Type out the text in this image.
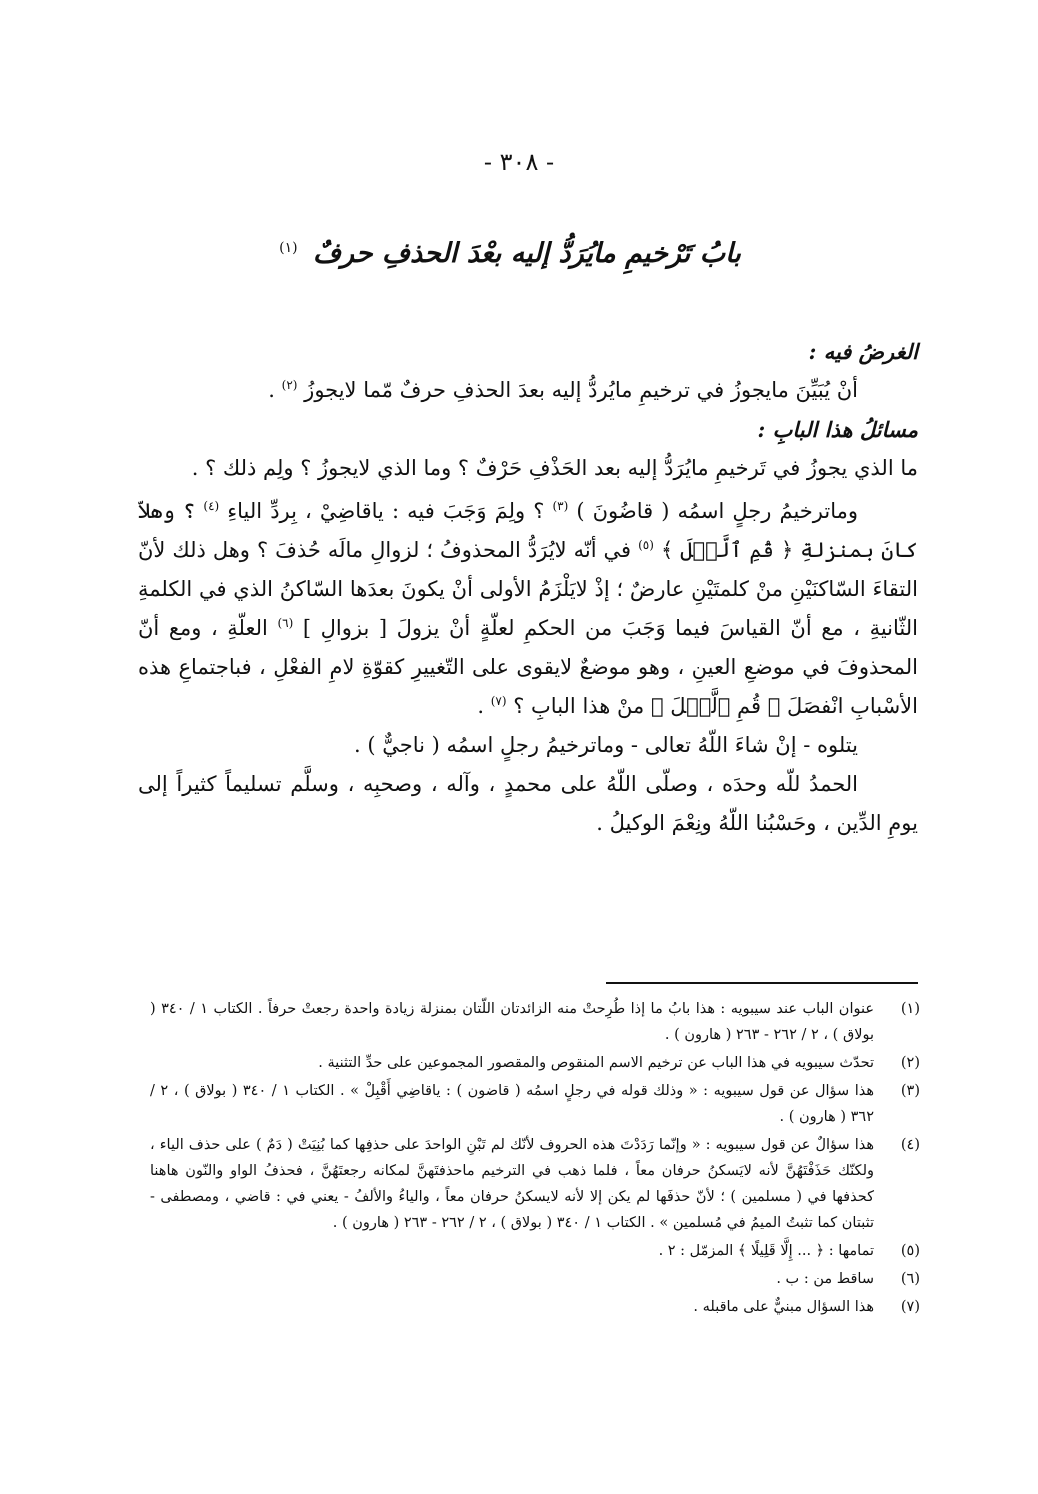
- ٣٠٨ -
بابُ تَرْخيمِ مايُرَدُّ إليه بعْدَ الحذفِ حرفٌ $^{(١)}$

الغرضُ فيه :

أنْ يُبَيِّنَ مايجوزُ في ترخيمِ مايُردُّ إليه بعدَ الحذفِ حرفٌ مّما لايجوزُ $^{(٢)}$ .

مسائلُ هذا البابِ :

ما الذي يجوزُ في تَرخيمِ مايُرَدُّ إليه بعد الحَذْفِ حَرْفٌ ؟ وما الذي لايجوزُ ؟ ولِم ذلك ؟ .

وماترخيمُ رجلٍ اسمُه ( قاضُونَ ) $^{(٣)}$ ؟ ولِمَ وَجَبَ فيه : ياقاضِيْ ، بِردِّ الياءِ $^{(٤)}$ ؟ وهلاّ كانَ بمنزلةِ ﴿ قُمِ ٱلَّيۡلَ ﴾ $^{(٥)}$ في أنّه لايُرَدُّ المحذوفُ ؛ لزوالِ مالَه حُذفَ ؟ وهل ذلك لأنّ التقاءَ السّاكنَيْنِ منْ كلمتَيْنِ عارضٌ ؛ إذْ لايَلْزَمُ الأولى أنْ يكونَ بعدَها السّاكنُ الذي في الكلمةِ الثّانيةِ ، مع أنّ القياسَ فيما وَجَبَ من الحكمِ لعلّةٍ أنْ يزولَ [ بزوالِ ] $^{(٦)}$ العلّةِ ، ومع أنّ المحذوفَ في موضعِ العينِ ، وهو موضعٌ لايقوى على التّغييرِ كقوّةِ لامِ الفعْلِ ، فباجتماعِ هذه الأسْبابِ انْفصَلَ ﴿ قُمِ ٱلَّيۡلَ ﴾ منْ هذا البابِ ؟ $^{(٧)}$ .

يتلوه - إنْ شاءَ اللّهُ تعالى - وماترخيمُ رجلٍ اسمُه ( ناجيٌّ ) .

الحمدُ للّه وحدَه ، وصلّى اللّهُ على محمدٍ ، وآله ، وصحبِه ، وسلَّم تسليماً كثيراً إلى يومِ الدِّين ، وحَسْبُنا اللّهُ ونِعْمَ الوكيلُ .

(١)
عنوان الباب عند سيبويه : هذا بابُ ما إذا طُرِحتْ منه الزائدتان اللّتان بمنزلة زيادة واحدة رجعتْ حرفاً . الكتاب ١ / ٣٤٠ ( بولاق ) ، ٢ / ٢٦٢ - ٢٦٣ ( هارون ) .
(٢)
تحدّث سيبويه في هذا الباب عن ترخيم الاسم المنقوص والمقصور المجموعين على حدِّ التثنية .
(٣)
هذا سؤال عن قول سيبويه : « وذلك قوله في رجلٍ اسمُه ( قاضون ) : ياقاضِي أَقْبِلْ » . الكتاب ١ / ٣٤٠ ( بولاق ) ، ٢ / ٣٦٢ ( هارون ) .
(٤)
هذا سؤالٌ عن قول سيبويه : « وإنّما رَدَدْتَ هذه الحروف لأنّك لم تَبْنِ الواحدَ على حذفِها كما بُنِيَتْ ( دَمٌ ) على حذف الياء ، ولكنّك حَذَفْتَهُنَّ لأنه لايَسكنُ حرفان معاً ، فلما ذهب في الترخيم ماحذفتَهنَّ لمكانه رجعتَهُنَّ ، فحذفُ الواو والنّون هاهنا كحذفها في ( مسلمين ) ؛ لأنّ حذفَها لم يكن إلا لأنه لايسكنُ حرفان معاً ، والياءُ والألفُ - يعني في : قاضي ، ومصطفى - تثبتان كما تثبتُ الميمُ في مُسلمين » . الكتاب ١ / ٣٤٠ ( بولاق ) ، ٢ / ٢٦٢ - ٢٦٣ ( هارون ) .
(٥)
تمامها : ﴿ ... إِلَّا قَلِيلًا ﴾ المزمّل : ٢ .
(٦)
ساقط من : ب .
(٧)
هذا السؤال مبنيٌّ على ماقبله .
